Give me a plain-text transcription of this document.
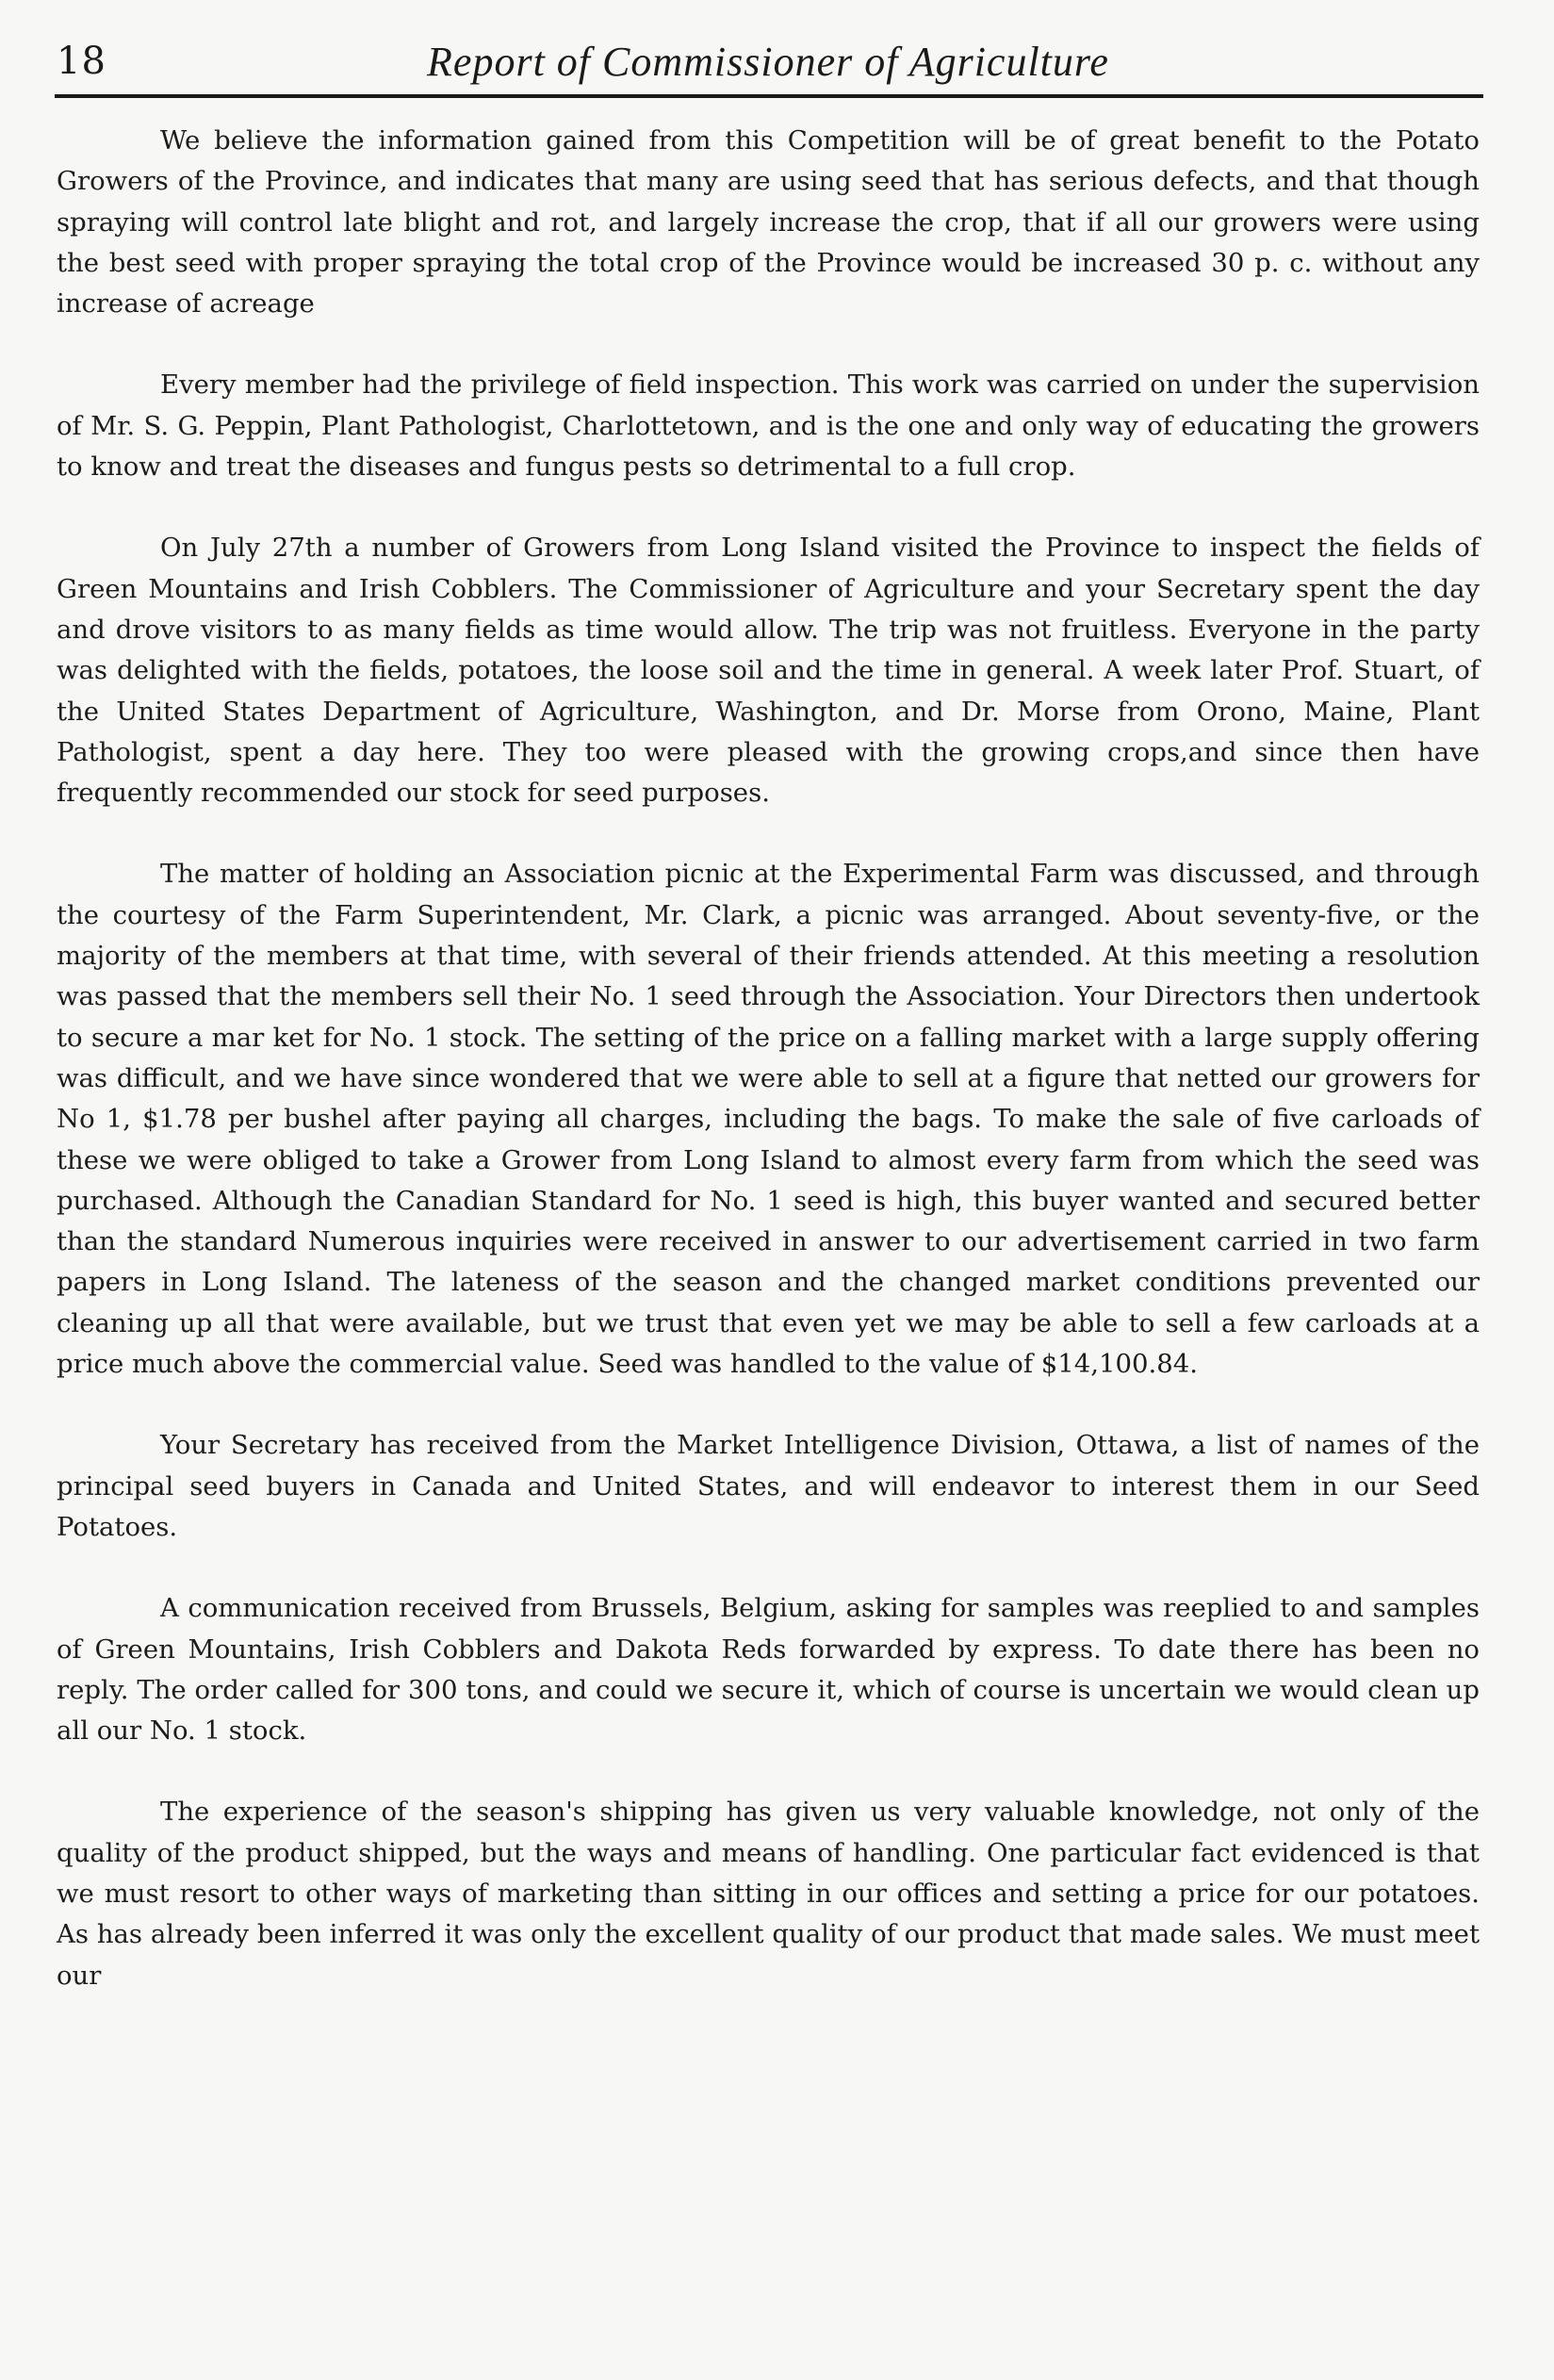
18	Report of Commissioner of Agriculture

We believe the information gained from this Competition will be of great benefit to the Potato Growers of the Province, and indicates that many are using seed that has serious defects, and that though spraying will control late blight and rot, and largely increase the crop, that if all our growers were using the best seed with proper spraying the total crop of the Province would be increased 30 p. c. without any increase of acreage

Every member had the privilege of field inspection. This work was carried on under the supervision of Mr. S. G. Peppin, Plant Pathologist, Charlottetown, and is the one and only way of educating the growers to know and treat the diseases and fungus pests so detrimental to a full crop.

On July 27th a number of Growers from Long Island visited the Province to inspect the fields of Green Mountains and Irish Cobblers. The Commissioner of Agriculture and your Secretary spent the day and drove visitors to as many fields as time would allow. The trip was not fruitless. Everyone in the party was delighted with the fields, potatoes, the loose soil and the time in general. A week later Prof. Stuart, of the United States Department of Agriculture, Washington, and Dr. Morse from Orono, Maine, Plant Pathologist, spent a day here. They too were pleased with the growing crops,and since then have frequently recommended our stock for seed purposes.

The matter of holding an Association picnic at the Experimental Farm was discussed, and through the courtesy of the Farm Superintendent, Mr. Clark, a picnic was arranged. About seventy-five, or the majority of the members at that time, with several of their friends attended. At this meeting a resolution was passed that the members sell their No. 1 seed through the Association. Your Directors then undertook to secure a mar ket for No. 1 stock. The setting of the price on a falling market with a large supply offering was difficult, and we have since wondered that we were able to sell at a figure that netted our growers for No 1, $1.78 per bushel after paying all charges, including the bags. To make the sale of five carloads of these we were obliged to take a Grower from Long Island to almost every farm from which the seed was purchased. Although the Canadian Standard for No. 1 seed is high, this buyer wanted and secured better than the standard Numerous inquiries were received in answer to our advertisement carried in two farm papers in Long Island. The lateness of the season and the changed market conditions prevented our cleaning up all that were available, but we trust that even yet we may be able to sell a few carloads at a price much above the commercial value. Seed was handled to the value of $14,100.84.

Your Secretary has received from the Market Intelligence Division, Ottawa, a list of names of the principal seed buyers in Canada and United States, and will endeavor to interest them in our Seed Potatoes.

A communication received from Brussels, Belgium, asking for samples was reeplied to and samples of Green Mountains, Irish Cobblers and Dakota Reds forwarded by express. To date there has been no reply. The order called for 300 tons, and could we secure it, which of course is uncertain we would clean up all our No. 1 stock.

The experience of the season's shipping has given us very valuable knowledge, not only of the quality of the product shipped, but the ways and means of handling. One particular fact evidenced is that we must resort to other ways of marketing than sitting in our offices and setting a price for our potatoes. As has already been inferred it was only the excellent quality of our product that made sales. We must meet our
